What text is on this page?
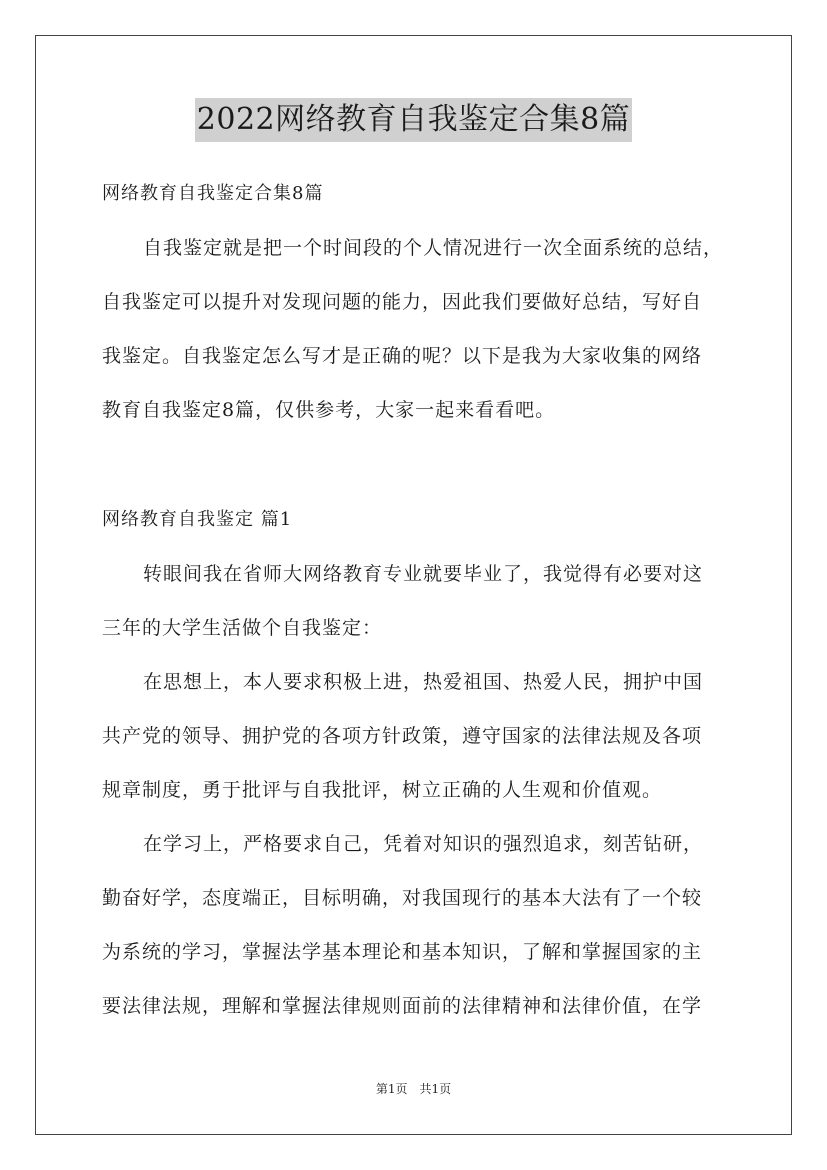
2022网络教育自我鉴定合集8篇
网络教育自我鉴定合集8篇
自我鉴定就是把一个时间段的个人情况进行一次全面系统的总结，
自我鉴定可以提升对发现问题的能力，因此我们要做好总结，写好自
我鉴定。自我鉴定怎么写才是正确的呢？以下是我为大家收集的网络
教育自我鉴定8篇，仅供参考，大家一起来看看吧。
网络教育自我鉴定 篇1
转眼间我在省师大网络教育专业就要毕业了，我觉得有必要对这
三年的大学生活做个自我鉴定：
在思想上，本人要求积极上进，热爱祖国、热爱人民，拥护中国
共产党的领导、拥护党的各项方针政策，遵守国家的法律法规及各项
规章制度，勇于批评与自我批评，树立正确的人生观和价值观。
在学习上，严格要求自己，凭着对知识的强烈追求，刻苦钻研，
勤奋好学，态度端正，目标明确，对我国现行的基本大法有了一个较
为系统的学习，掌握法学基本理论和基本知识，了解和掌握国家的主
要法律法规，理解和掌握法律规则面前的法律精神和法律价值，在学
第1页　共1页
